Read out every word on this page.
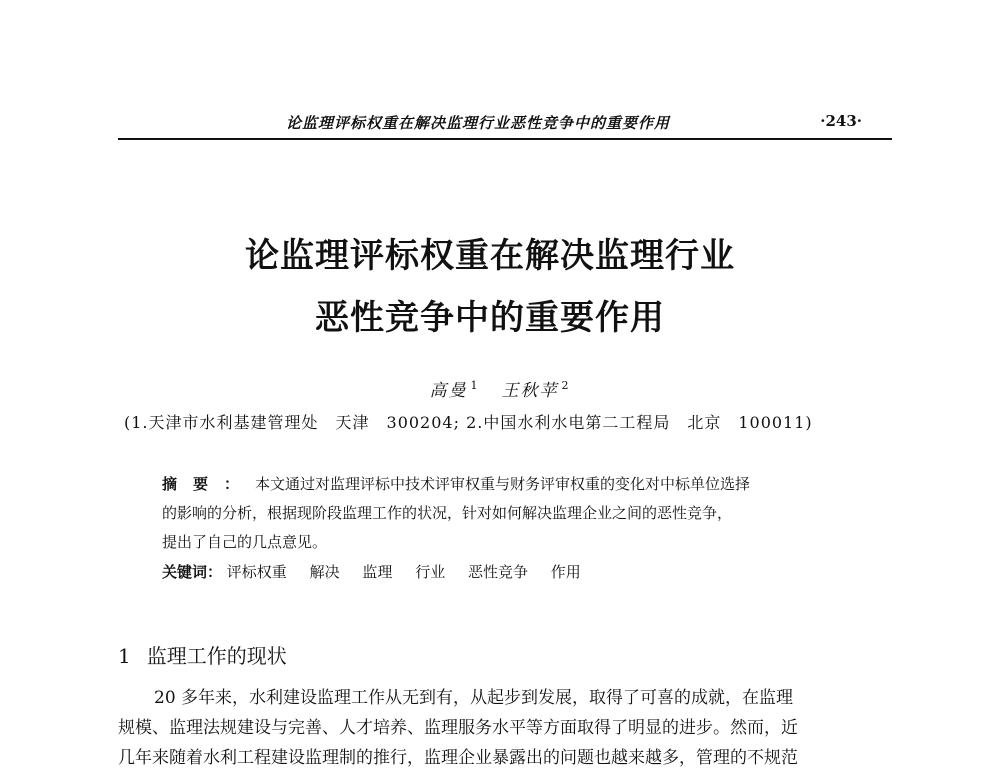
论监理评标权重在解决监理行业恶性竞争中的重要作用	·243·
论监理评标权重在解决监理行业
恶性竞争中的重要作用
高曼 $^1$ 王秋苹 $^2$
(1.天津市水利基建管理处　天津　300204; 2.中国水利水电第二工程局　北京　100011)
摘要：本文通过对监理评标中技术评审权重与财务评审权重的变化对中标单位选择
的影响的分析，根据现阶段监理工作的状况，针对如何解决监理企业之间的恶性竞争，
提出了自己的几点意见。
关键词： 评标权重 解决 监理 行业 恶性竞争 作用
1 监理工作的现状
20 多年来，水利建设监理工作从无到有，从起步到发展，取得了可喜的成就，在监理
规模、监理法规建设与完善、人才培养、监理服务水平等方面取得了明显的进步。然而，近
几年来随着水利工程建设监理制的推行，监理企业暴露出的问题也越来越多，管理的不规范
